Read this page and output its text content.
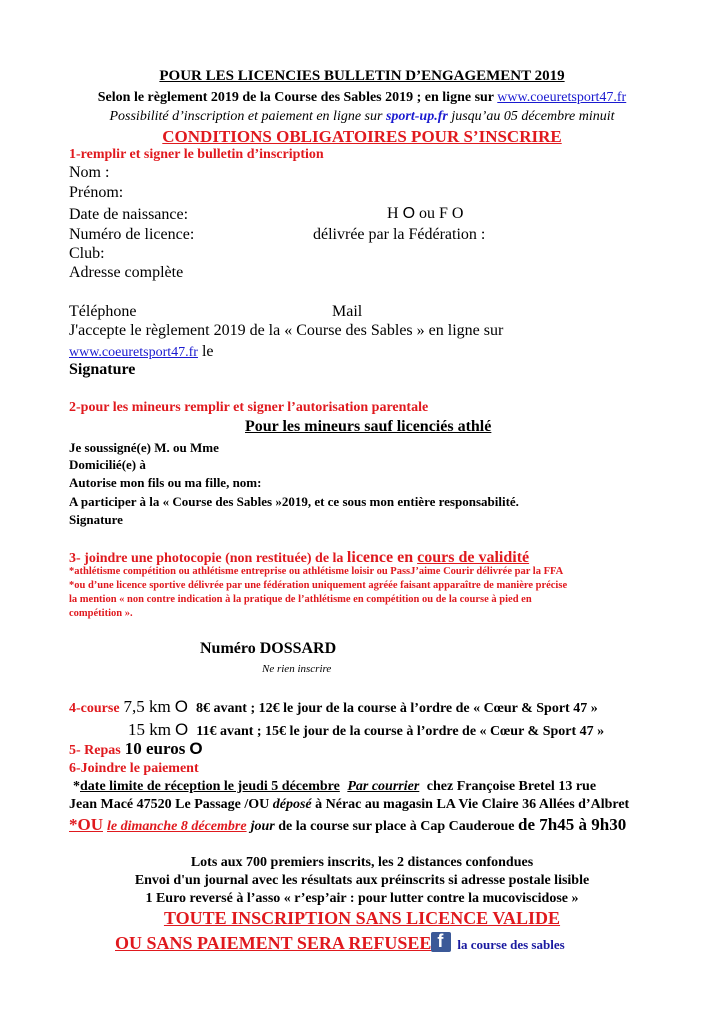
POUR LES LICENCIES BULLETIN D’ENGAGEMENT 2019
Selon le règlement 2019 de la Course des Sables 2019 ; en ligne sur www.coeuretsport47.fr
Possibilité d’inscription et paiement en ligne sur sport-up.fr jusqu’au 05 décembre minuit
CONDITIONS OBLIGATOIRES POUR S’INSCRIRE
1-remplir et signer le bulletin d’inscription
Nom :
Prénom:
Date de naissance:	H O ou F O
Numéro de licence:	délivrée par la Fédération :
Club:
Adresse complète
Téléphone	Mail
J'accepte le règlement 2019 de la « Course des Sables » en ligne sur
www.coeuretsport47.fr le
Signature
2-pour les mineurs remplir et signer l’autorisation parentale
Pour les mineurs sauf licenciés athlé
Je soussigné(e) M. ou Mme
Domicilié(e) à
Autorise mon fils ou ma fille, nom:
A participer à la « Course des Sables »2019, et ce sous mon entière responsabilité.
Signature
3- joindre une photocopie (non restituée) de la licence en cours de validité
*athlétisme compétition ou athlétisme entreprise ou athlétisme loisir ou PassJ’aime Courir délivrée par la FFA
*ou d’une licence sportive délivrée par une fédération uniquement agréée faisant apparaître de manière précise
la mention « non contre indication à la pratique de l’athlétisme en compétition ou de la course à pied en
compétition ».
Numéro DOSSARD
Ne rien inscrire
4-course 7,5 km O 8€ avant ; 12€ le jour de la course à l’ordre de « Cœur & Sport 47 »
15 km O 11€ avant ; 15€ le jour de la course à l’ordre de « Cœur & Sport 47 »
5- Repas 10 euros O
6-Joindre le paiement
*date limite de réception le jeudi 5 décembre Par courrier chez Françoise Bretel 13 rue
Jean Macé 47520 Le Passage /OU déposé à Nérac au magasin LA Vie Claire 36 Allées d’Albret
*OU le dimanche 8 décembre jour de la course sur place à Cap Cauderoue de 7h45 à 9h30
Lots aux 700 premiers inscrits, les 2 distances confondues
Envoi d'un journal avec les résultats aux préinscrits si adresse postale lisible
1 Euro reversé à l’asso « r’esp’air : pour lutter contre la mucoviscidose »
TOUTE INSCRIPTION SANS LICENCE VALIDE
OU SANS PAIEMENT SERA REFUSEEf la course des sables
